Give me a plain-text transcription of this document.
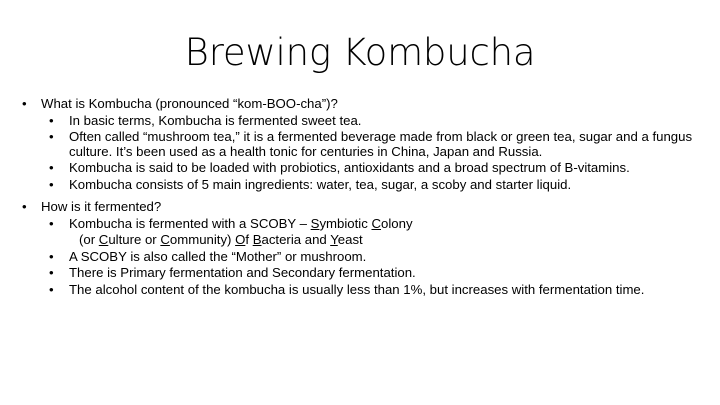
Brewing Kombucha
•	What is Kombucha (pronounced “kom-BOO-cha”)?
•	In basic terms, Kombucha is fermented sweet tea.
•	Often called “mushroom tea,” it is a fermented beverage made from black or green tea, sugar and a fungus culture. It’s been used as a health tonic for centuries in China, Japan and Russia.
•	Kombucha is said to be loaded with probiotics, antioxidants and a broad spectrum of B-vitamins.
•	Kombucha consists of 5 main ingredients: water, tea, sugar, a scoby and starter liquid.
•	How is it fermented?
•	Kombucha is fermented with a SCOBY – Symbiotic Colony
(or Culture or Community) Of Bacteria and Yeast
•	A SCOBY is also called the “Mother” or mushroom.
•	There is Primary fermentation and Secondary fermentation.
•	The alcohol content of the kombucha is usually less than 1%, but increases with fermentation time.
